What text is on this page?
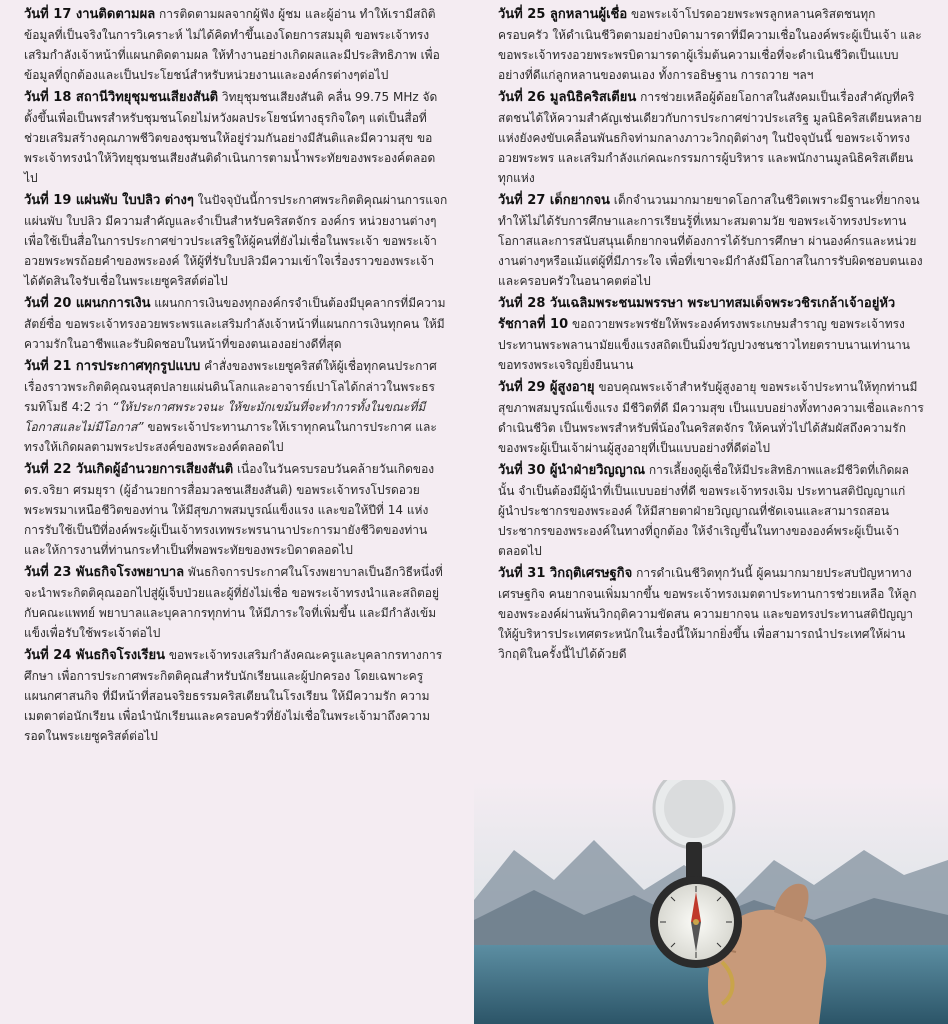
วันที่ 17 งานติดตามผล การติดตามผลจากผู้ฟัง ผู้ชม และผู้อ่าน ทำให้เรามีสถิติข้อมูลที่เป็นจริงในการวิเคราะห์ ไม่ได้คิดทำขึ้นเองโดยการสมมุติ ขอพระเจ้าทรงเสริมกำลังเจ้าหน้าที่แผนกติดตามผล ให้ทำงานอย่างเกิดผลและมีประสิทธิภาพ เพื่อข้อมูลที่ถูกต้องและเป็นประโยชน์สำหรับหน่วยงานและองค์กรต่างๆต่อไป

วันที่ 18 สถานีวิทยุชุมชนเสียงสันติ วิทยุชุมชนเสียงสันติ คลื่น 99.75 MHz จัดตั้งขึ้นเพื่อเป็นพรสำหรับชุมชนโดยไม่หวังผลประโยชน์ทางธุรกิจใดๆ แต่เป็นสื่อที่ช่วยเสริมสร้างคุณภาพชีวิตของชุมชนให้อยู่ร่วมกันอย่างมีสันติและมีความสุข ขอพระเจ้าทรงนำให้วิทยุชุมชนเสียงสันติดำเนินการตามน้ำพระทัยของพระองค์ตลอดไป

วันที่ 19 แผ่นพับ ใบปลิว ต่างๆ ในปัจจุบันนี้การประกาศพระกิตติคุณผ่านการแจกแผ่นพับ ใบปลิว มีความสำคัญและจำเป็นสำหรับคริสตจักร องค์กร หน่วยงานต่างๆ เพื่อใช้เป็นสื่อในการประกาศข่าวประเสริฐให้ผู้คนที่ยังไม่เชื่อในพระเจ้า ขอพระเจ้าอวยพระพรถ้อยคำของพระองค์ ให้ผู้ที่รับใบปลิวมีความเข้าใจเรื่องราวของพระเจ้า ได้ตัดสินใจรับเชื่อในพระเยซูคริสต์ต่อไป

วันที่ 20 แผนกการเงิน แผนกการเงินของทุกองค์กรจำเป็นต้องมีบุคลากรที่มีความสัตย์ซื่อ ขอพระเจ้าทรงอวยพระพรและเสริมกำลังเจ้าหน้าที่แผนกการเงินทุกคน ให้มีความรักในอาชีพและรับผิดชอบในหน้าที่ของตนเองอย่างดีที่สุด

วันที่ 21 การประกาศทุกรูปแบบ คำสั่งของพระเยซูคริสต์ให้ผู้เชื่อทุกคนประกาศเรื่องราวพระกิตติคุณจนสุดปลายแผ่นดินโลกและอาจารย์เปาโลได้กล่าวในพระธรรมทิโมธี 4:2 ว่า “ให้ประกาศพระวจนะ ให้ขะมักเขม้นที่จะทำการทั้งในขณะที่มีโอกาสและไม่มีโอกาส” ขอพระเจ้าประทานภาระให้เราทุกคนในการประกาศ และทรงให้เกิดผลตามพระประสงค์ของพระองค์ตลอดไป

วันที่ 22 วันเกิดผู้อำนวยการเสียงสันติ เนื่องในวันครบรอบวันคล้ายวันเกิดของ ดร.จริยา ศรมยุรา (ผู้อำนวยการสื่อมวลชนเสียงสันติ) ขอพระเจ้าทรงโปรดอวยพระพรมาเหนือชีวิตของท่าน ให้มีสุขภาพสมบูรณ์แข็งแรง และขอให้ปีที่ 14 แห่งการรับใช้เป็นปีที่องค์พระผู้เป็นเจ้าทรงเทพระพรนานาประการมายังชีวิตของท่าน และให้การงานที่ท่านกระทำเป็นที่พอพระทัยของพระบิดาตลอดไป

วันที่ 23 พันธกิจโรงพยาบาล พันธกิจการประกาศในโรงพยาบาลเป็นอีกวิธีหนึ่งที่จะนำพระกิตติคุณออกไปสู่ผู้เจ็บป่วยและผู้ที่ยังไม่เชื่อ ขอพระเจ้าทรงนำและสถิตอยู่กับคณะแพทย์ พยาบาลและบุคลากรทุกท่าน ให้มีภาระใจที่เพิ่มขึ้น และมีกำลังเข้มแข็งเพื่อรับใช้พระเจ้าต่อไป

วันที่ 24 พันธกิจโรงเรียน ขอพระเจ้าทรงเสริมกำลังคณะครูและบุคลากรทางการศึกษา เพื่อการประกาศพระกิตติคุณสำหรับนักเรียนและผู้ปกครอง โดยเฉพาะครูแผนกศาสนกิจ ที่มีหน้าที่สอนจริยธรรมคริสเตียนในโรงเรียน ให้มีความรัก ความเมตตาต่อนักเรียน เพื่อนำนักเรียนและครอบครัวที่ยังไม่เชื่อในพระเจ้ามาถึงความรอดในพระเยซูคริสต์ต่อไป

วันที่ 25 ลูกหลานผู้เชื่อ ขอพระเจ้าโปรดอวยพระพรลูกหลานคริสตชนทุกครอบครัว ให้ดำเนินชีวิตตามอย่างบิดามารดาที่มีความเชื่อในองค์พระผู้เป็นเจ้า และขอพระเจ้าทรงอวยพระพรบิดามารดาผู้เริ่มต้นความเชื่อที่จะดำเนินชีวิตเป็นแบบอย่างที่ดีแก่ลูกหลานของตนเอง ทั้งการอธิษฐาน การถวาย ฯลฯ

วันที่ 26 มูลนิธิคริสเตียน การช่วยเหลือผู้ด้อยโอกาสในสังคมเป็นเรื่องสำคัญที่คริสตชนได้ให้ความสำคัญเช่นเดียวกับการประกาศข่าวประเสริฐ มูลนิธิคริสเตียนหลายแห่งยังคงขับเคลื่อนพันธกิจท่ามกลางภาวะวิกฤติต่างๆ ในปัจจุบันนี้ ขอพระเจ้าทรงอวยพระพร และเสริมกำลังแก่คณะกรรมการผู้บริหาร และพนักงานมูลนิธิคริสเตียนทุกแห่ง

วันที่ 27 เด็กยากจน เด็กจำนวนมากมายขาดโอกาสในชีวิตเพราะมีฐานะที่ยากจน ทำให้ไม่ได้รับการศึกษาและการเรียนรู้ที่เหมาะสมตามวัย ขอพระเจ้าทรงประทานโอกาสและการสนับสนุนเด็กยากจนที่ต้องการได้รับการศึกษา ผ่านองค์กรและหน่วยงานต่างๆหรือแม้แต่ผู้ที่มีภาระใจ เพื่อที่เขาจะมีกำลังมีโอกาสในการรับผิดชอบตนเองและครอบครัวในอนาคตต่อไป

วันที่ 28 วันเฉลิมพระชนมพรรษา พระบาทสมเด็จพระวชิรเกล้าเจ้าอยู่หัว รัชกาลที่ 10 ขอถวายพระพรชัยให้พระองค์ทรงพระเกษมสำราญ ขอพระเจ้าทรงประทานพระพลานามัยแข็งแรงสถิตเป็นมิ่งขวัญปวงชนชาวไทยตราบนานเท่านาน ขอทรงพระเจริญยิ่งยืนนาน

วันที่ 29 ผู้สูงอายุ ขอบคุณพระเจ้าสำหรับผู้สูงอายุ ขอพระเจ้าประทานให้ทุกท่านมีสุขภาพสมบูรณ์แข็งแรง มีชีวิตที่ดี มีความสุข เป็นแบบอย่างทั้งทางความเชื่อและการดำเนินชีวิต เป็นพระพรสำหรับพี่น้องในคริสตจักร ให้คนทั่วไปได้สัมผัสถึงความรักของพระผู้เป็นเจ้าผ่านผู้สูงอายุที่เป็นแบบอย่างที่ดีต่อไป

วันที่ 30 ผู้นำฝ่ายวิญญาณ การเลี้ยงดูผู้เชื่อให้มีประสิทธิภาพและมีชีวิตที่เกิดผลนั้น จำเป็นต้องมีผู้นำที่เป็นแบบอย่างที่ดี ขอพระเจ้าทรงเจิม ประทานสติปัญญาแก่ผู้นำประชากรของพระองค์ ให้มีสายตาฝ่ายวิญญาณที่ชัดเจนและสามารถสอนประชากรของพระองค์ในทางที่ถูกต้อง ให้จำเริญขึ้นในทางขององค์พระผู้เป็นเจ้าตลอดไป

วันที่ 31 วิกฤติเศรษฐกิจ การดำเนินชีวิตทุกวันนี้ ผู้คนมากมายประสบปัญหาทางเศรษฐกิจ คนยากจนเพิ่มมากขึ้น ขอพระเจ้าทรงเมตตาประทานการช่วยเหลือ ให้ลูกของพระองค์ผ่านพ้นวิกฤติความขัดสน ความยากจน และขอทรงประทานสติปัญญาให้ผู้บริหารประเทศตระหนักในเรื่องนี้ให้มากยิ่งขึ้น เพื่อสามารถนำประเทศให้ผ่านวิกฤติในครั้งนี้ไปได้ด้วยดี
